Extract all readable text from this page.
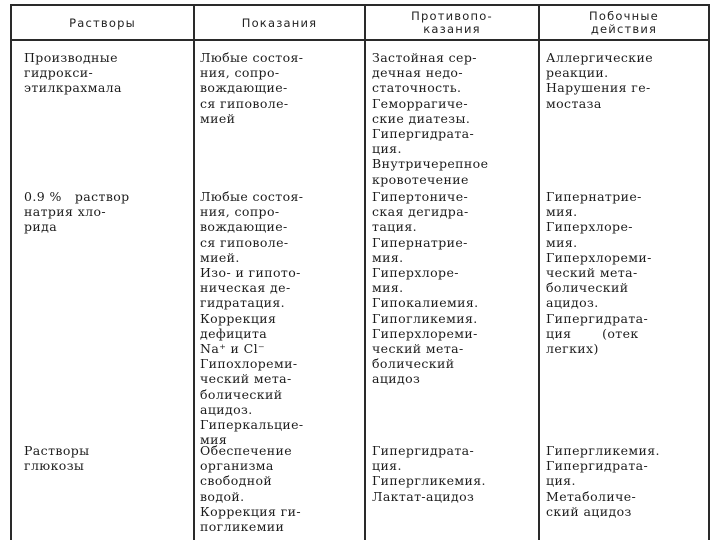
Растворы	Показания	Противопо-
казания
Побочные
действия
Производные
гидрокси-
этилкрахмала
Любые состоя-
ния, сопро-
вождающие-
ся гиповоле-
мией
Застойная сер-
дечная недо-
статочность.
Геморрагиче-
ские диатезы.
Гипергидрата-
ция.
Внутричерепное
кровотечение
Аллергические
реакции.
Нарушения ге-
мостаза
0.9 %   раствор
натрия хло-
рида
Любые состоя-
ния, сопро-
вождающие-
ся гиповоле-
мией.
Изо- и гипото-
ническая де-
гидратация.
Коррекция
дефицита
Na⁺ и Cl⁻
Гипохлореми-
ческий мета-
болический
ацидоз.
Гиперкальцие-
мия
Гипертониче-
ская дегидра-
тация.
Гипернатрие-
мия.
Гиперхлоре-
мия.
Гипокалиемия.
Гипогликемия.
Гиперхлореми-
ческий мета-
болический
ацидоз
Гипернатрие-
мия.
Гиперхлоре-
мия.
Гиперхлореми-
ческий мета-
болический
ацидоз.
Гипергидрата-
ция       (отек
легких)
Растворы
глюкозы
Обеспечение
организма
свободной
водой.
Коррекция ги-
погликемии
Гипергидрата-
ция.
Гипергликемия.
Лактат-ацидоз
Гипергликемия.
Гипергидрата-
ция.
Метаболиче-
ский ацидоз
